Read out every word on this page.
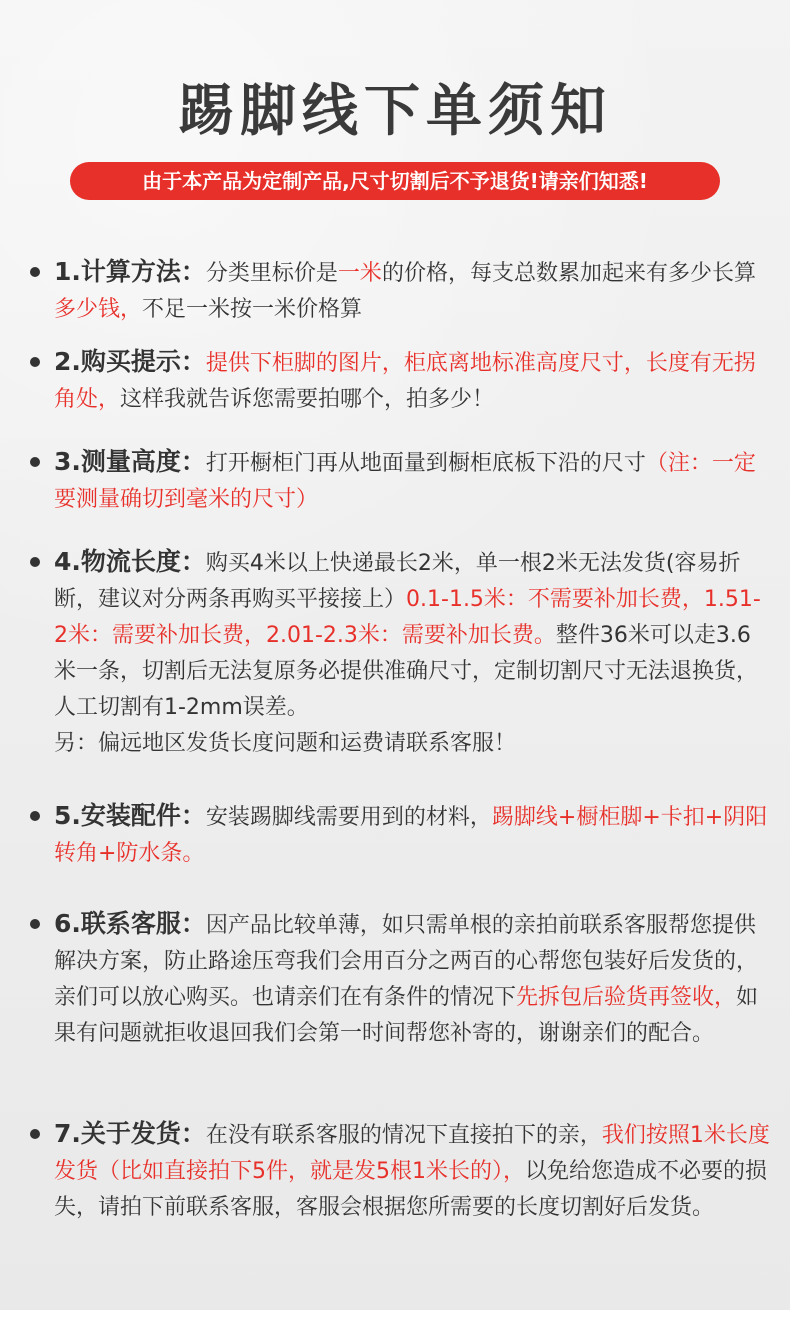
踢脚线下单须知
由于本产品为定制产品,尺寸切割后不予退货!请亲们知悉!
1.计算方法：分类里标价是一米的价格，每支总数累加起来有多少长算多少钱，不足一米按一米价格算
2.购买提示：提供下柜脚的图片，柜底离地标准高度尺寸，长度有无拐角处，这样我就告诉您需要拍哪个，拍多少！
3.测量高度：打开橱柜门再从地面量到橱柜底板下沿的尺寸（注：一定要测量确切到毫米的尺寸）
4.物流长度：购买4米以上快递最长2米，单一根2米无法发货(容易折断，建议对分两条再购买平接接上）0.1-1.5米：不需要补加长费，1.51-2米：需要补加长费，2.01-2.3米：需要补加长费。整件36米可以走3.6米一条，切割后无法复原务必提供准确尺寸，定制切割尺寸无法退换货，人工切割有1-2mm误差。
另：偏远地区发货长度问题和运费请联系客服！
5.安装配件：安装踢脚线需要用到的材料，踢脚线+橱柜脚+卡扣+阴阳转角+防水条。
6.联系客服：因产品比较单薄，如只需单根的亲拍前联系客服帮您提供解决方案，防止路途压弯我们会用百分之两百的心帮您包装好后发货的，亲们可以放心购买。也请亲们在有条件的情况下先拆包后验货再签收，如果有问题就拒收退回我们会第一时间帮您补寄的，谢谢亲们的配合。
7.关于发货：在没有联系客服的情况下直接拍下的亲，我们按照1米长度发货（比如直接拍下5件，就是发5根1米长的），以免给您造成不必要的损失，请拍下前联系客服，客服会根据您所需要的长度切割好后发货。
